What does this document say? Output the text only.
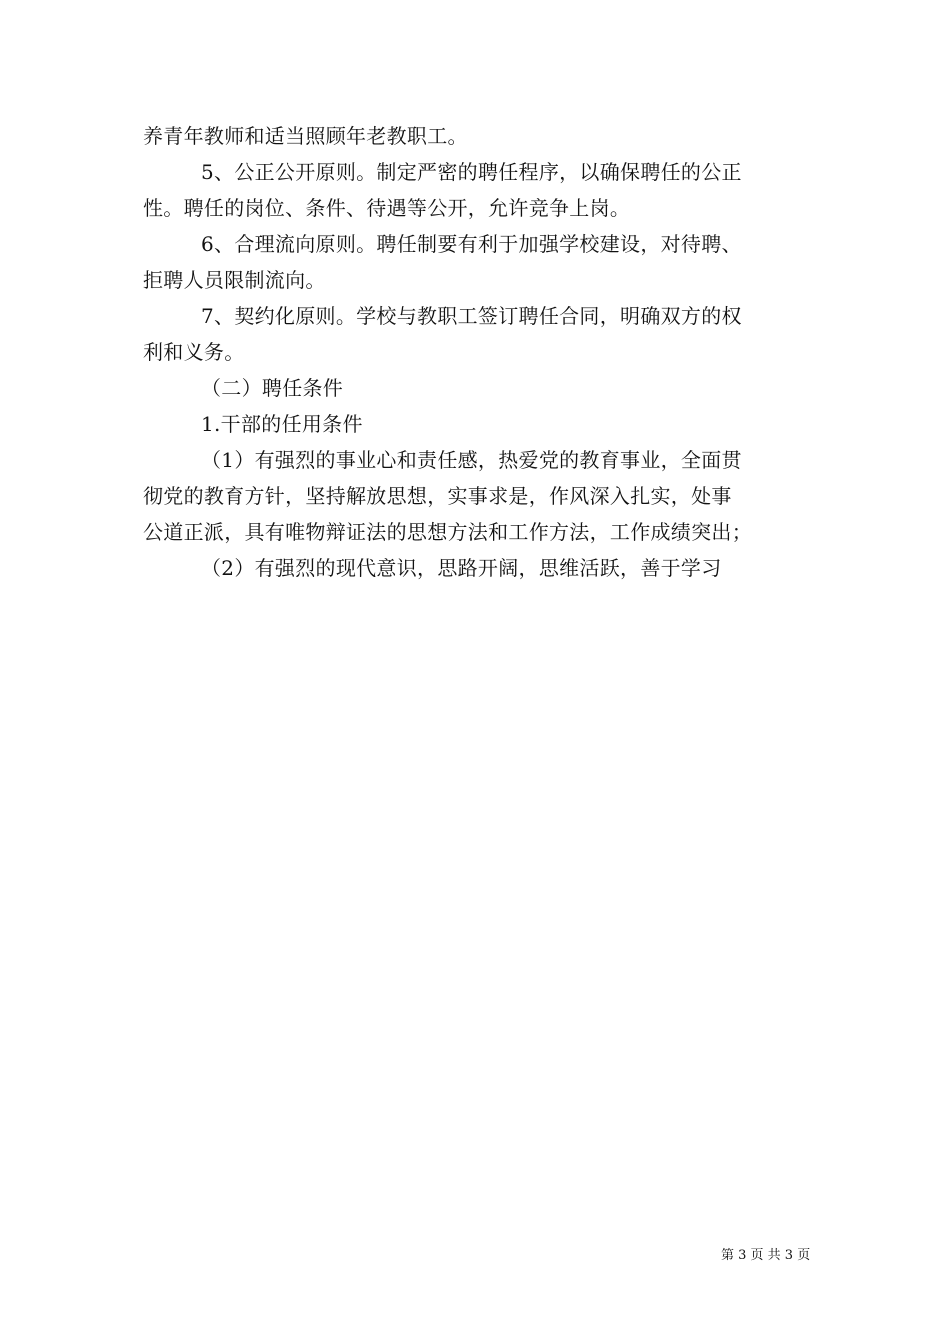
养青年教师和适当照顾年老教职工。
5、公正公开原则。制定严密的聘任程序，以确保聘任的公正
性。聘任的岗位、条件、待遇等公开，允许竞争上岗。
6、合理流向原则。聘任制要有利于加强学校建设，对待聘、
拒聘人员限制流向。
7、契约化原则。学校与教职工签订聘任合同，明确双方的权
利和义务。
（二）聘任条件
1.干部的任用条件
（1）有强烈的事业心和责任感，热爱党的教育事业，全面贯
彻党的教育方针，坚持解放思想，实事求是，作风深入扎实，处事
公道正派，具有唯物辩证法的思想方法和工作方法，工作成绩突出；
（2）有强烈的现代意识，思路开阔，思维活跃，善于学习
第 3 页 共 3 页
